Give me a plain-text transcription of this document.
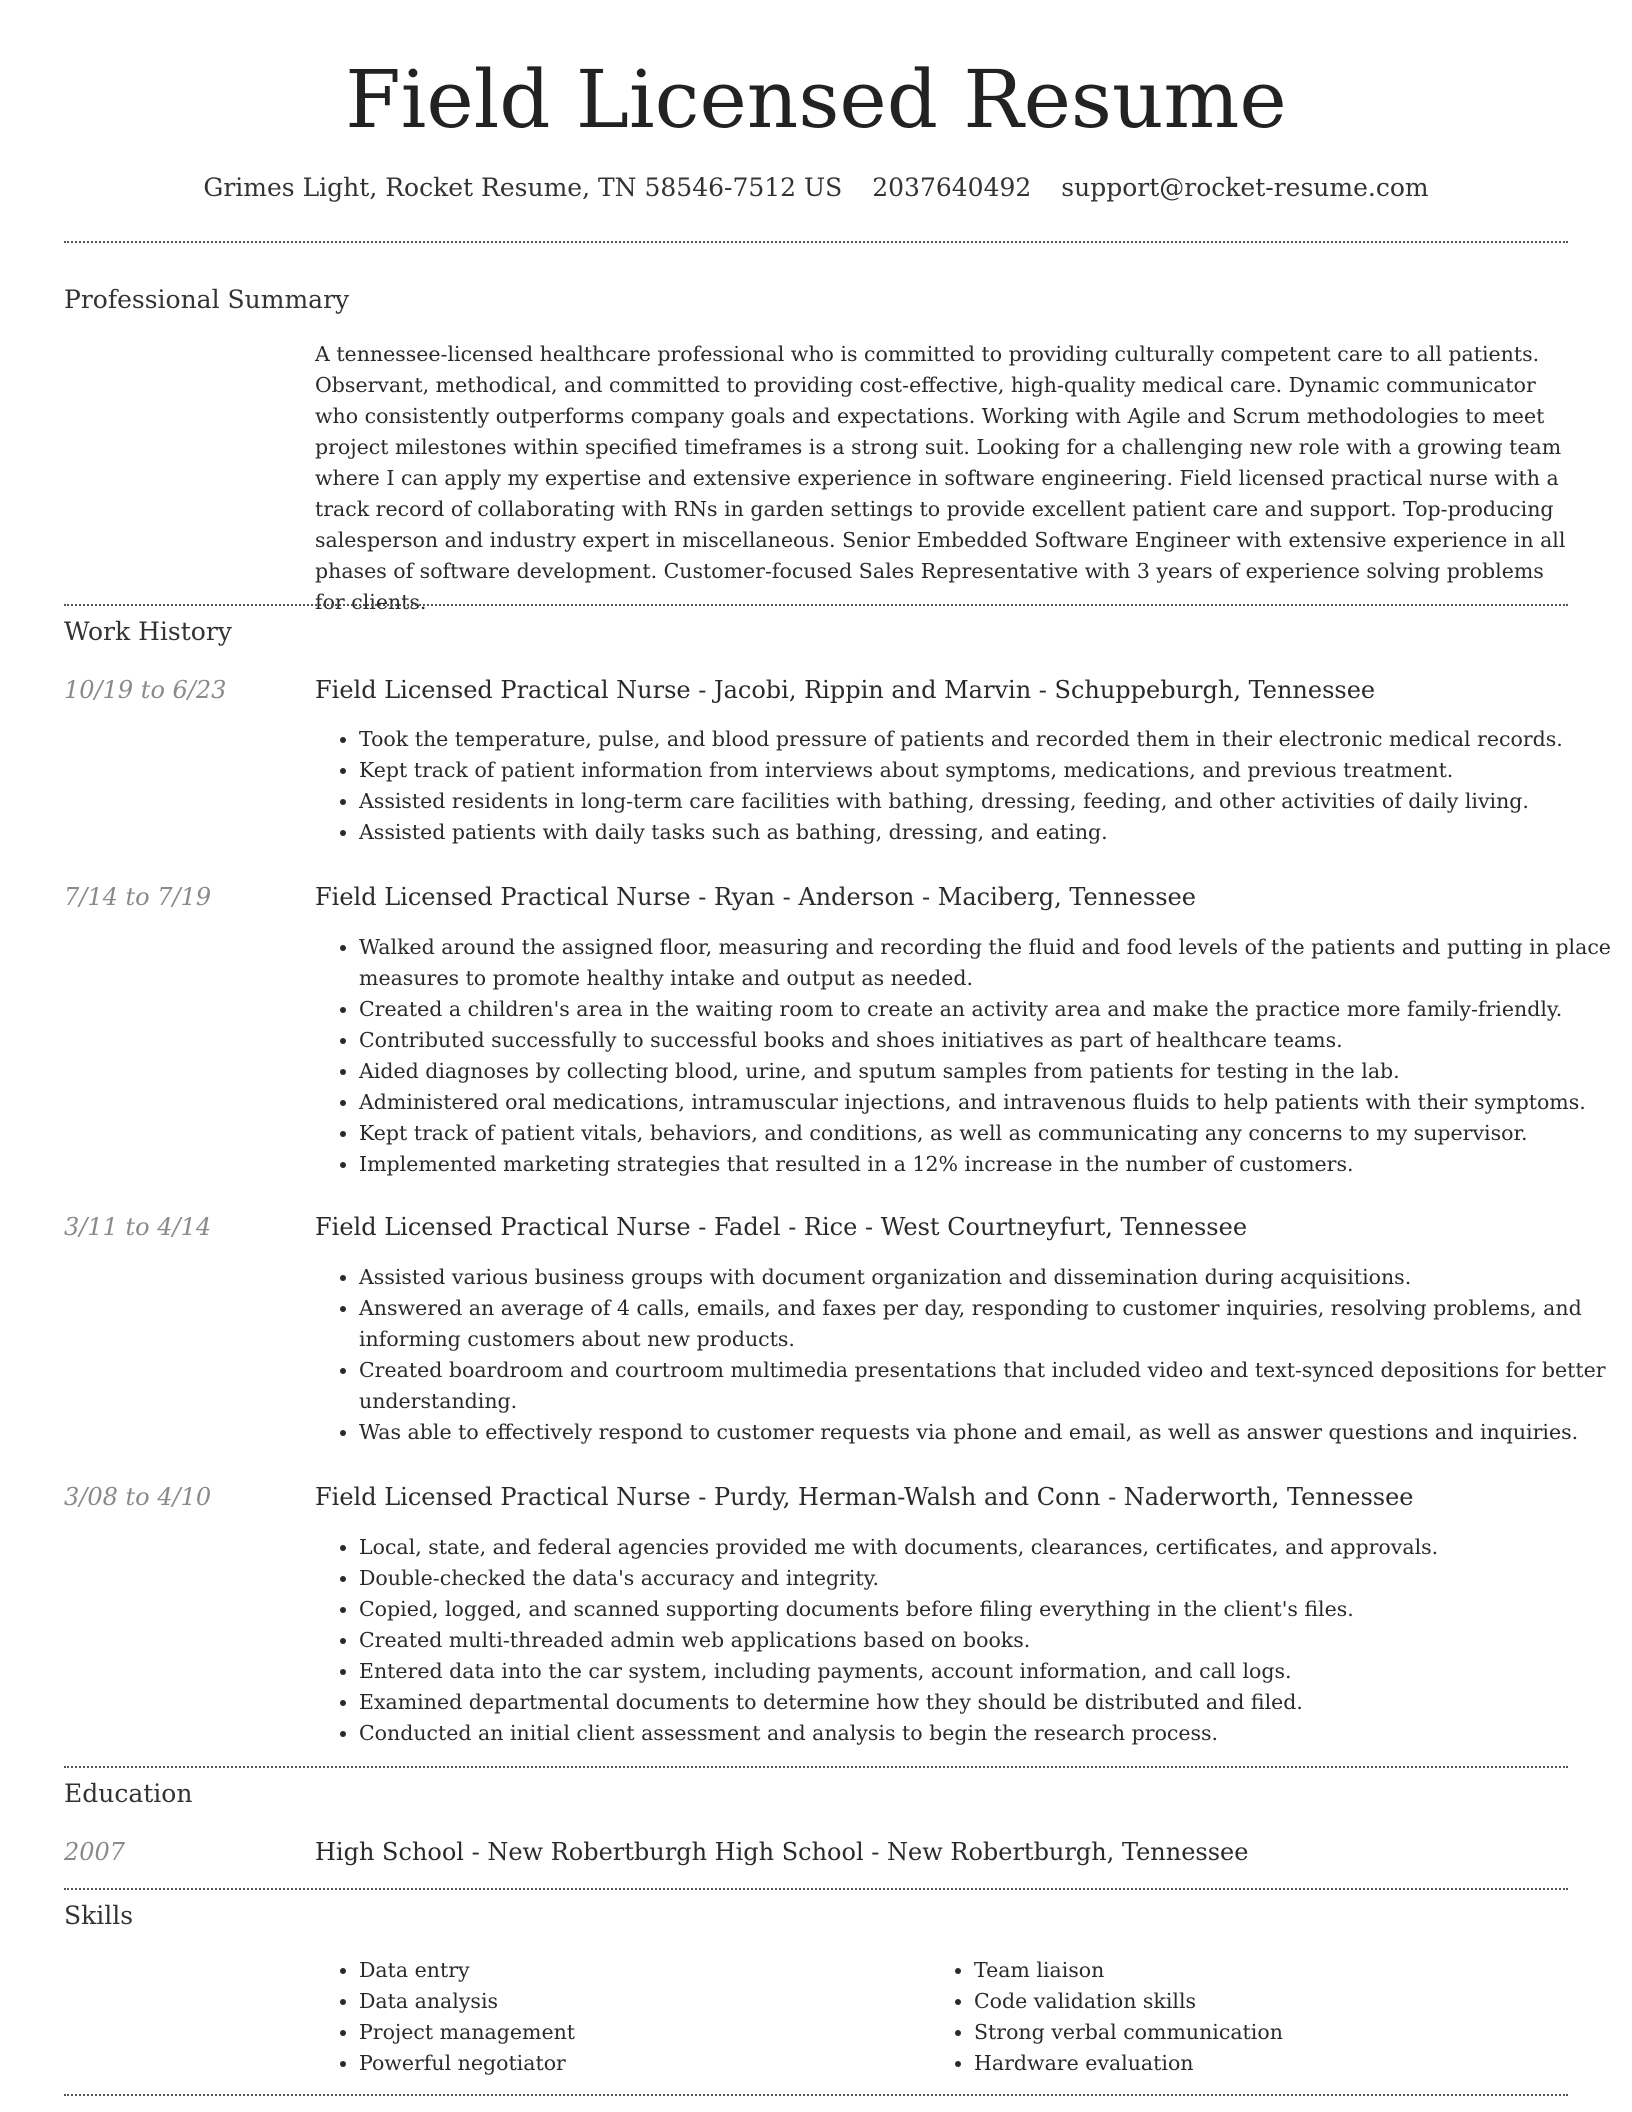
Field Licensed Resume
Grimes Light, Rocket Resume, TN 58546-7512 US 2037640492 support@rocket-resume.com
Professional Summary
A tennessee-licensed healthcare professional who is committed to providing culturally competent care to all patients. Observant, methodical, and committed to providing cost-effective, high-quality medical care. Dynamic communicator who consistently outperforms company goals and expectations. Working with Agile and Scrum methodologies to meet project milestones within specified timeframes is a strong suit. Looking for a challenging new role with a growing team where I can apply my expertise and extensive experience in software engineering. Field licensed practical nurse with a track record of collaborating with RNs in garden settings to provide excellent patient care and support. Top-producing salesperson and industry expert in miscellaneous. Senior Embedded Software Engineer with extensive experience in all phases of software development. Customer-focused Sales Representative with 3 years of experience solving problems for clients.
Work History
10/19 to 6/23	Field Licensed Practical Nurse - Jacobi, Rippin and Marvin - Schuppeburgh, Tennessee
• Took the temperature, pulse, and blood pressure of patients and recorded them in their electronic medical records.
• Kept track of patient information from interviews about symptoms, medications, and previous treatment.
• Assisted residents in long-term care facilities with bathing, dressing, feeding, and other activities of daily living.
• Assisted patients with daily tasks such as bathing, dressing, and eating.
7/14 to 7/19	Field Licensed Practical Nurse - Ryan - Anderson - Maciberg, Tennessee
• Walked around the assigned floor, measuring and recording the fluid and food levels of the patients and putting in place measures to promote healthy intake and output as needed.
• Created a children's area in the waiting room to create an activity area and make the practice more family-friendly.
• Contributed successfully to successful books and shoes initiatives as part of healthcare teams.
• Aided diagnoses by collecting blood, urine, and sputum samples from patients for testing in the lab.
• Administered oral medications, intramuscular injections, and intravenous fluids to help patients with their symptoms.
• Kept track of patient vitals, behaviors, and conditions, as well as communicating any concerns to my supervisor.
• Implemented marketing strategies that resulted in a 12% increase in the number of customers.
3/11 to 4/14	Field Licensed Practical Nurse - Fadel - Rice - West Courtneyfurt, Tennessee
• Assisted various business groups with document organization and dissemination during acquisitions.
• Answered an average of 4 calls, emails, and faxes per day, responding to customer inquiries, resolving problems, and informing customers about new products.
• Created boardroom and courtroom multimedia presentations that included video and text-synced depositions for better understanding.
• Was able to effectively respond to customer requests via phone and email, as well as answer questions and inquiries.
3/08 to 4/10	Field Licensed Practical Nurse - Purdy, Herman-Walsh and Conn - Naderworth, Tennessee
• Local, state, and federal agencies provided me with documents, clearances, certificates, and approvals.
• Double-checked the data's accuracy and integrity.
• Copied, logged, and scanned supporting documents before filing everything in the client's files.
• Created multi-threaded admin web applications based on books.
• Entered data into the car system, including payments, account information, and call logs.
• Examined departmental documents to determine how they should be distributed and filed.
• Conducted an initial client assessment and analysis to begin the research process.
Education
2007	High School - New Robertburgh High School - New Robertburgh, Tennessee
Skills
• Data entry
• Data analysis
• Project management
• Powerful negotiator
• Team liaison
• Code validation skills
• Strong verbal communication
• Hardware evaluation
